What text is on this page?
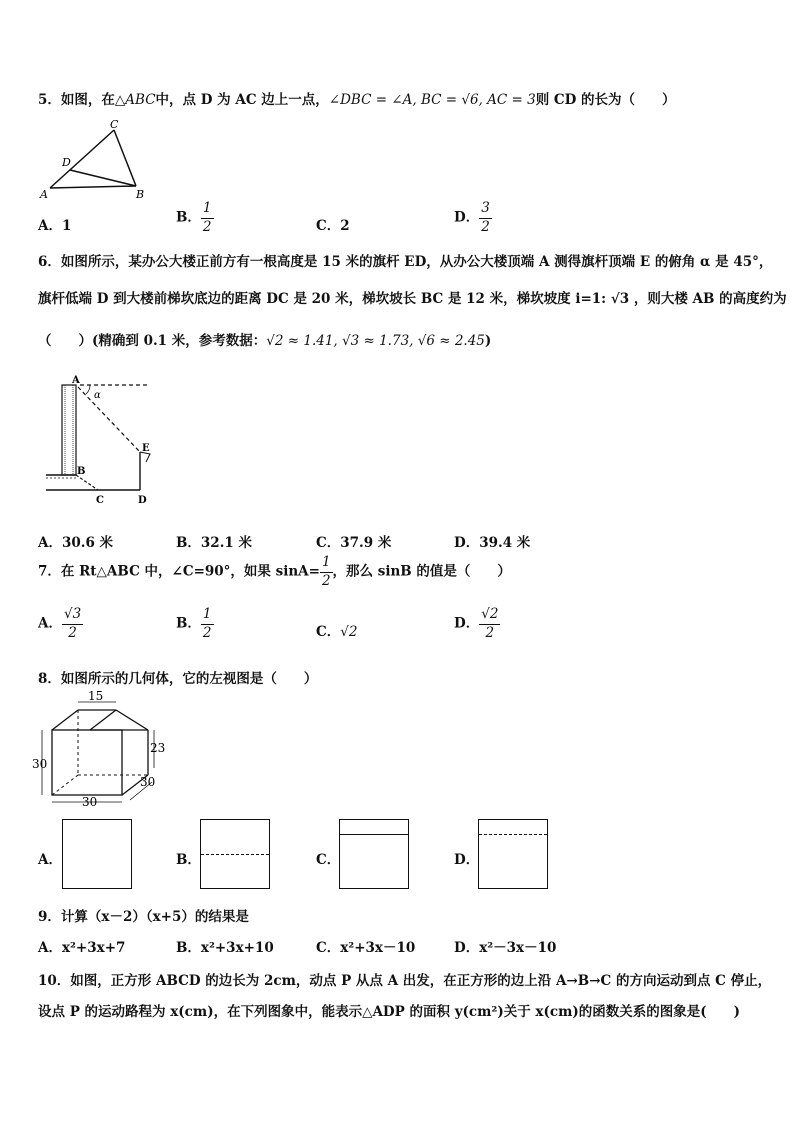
5．如图，在△ABC中，点 D 为 AC 边上一点，∠DBC = ∠A, BC = √6, AC = 3则 CD 的长为（　　）
C
D
A	B
A．1
B． $\frac{1}{2}$	C．2
D． $\frac{3}{2}$
6．如图所示，某办公大楼正前方有一根高度是 15 米的旗杆 ED，从办公大楼顶端 A 测得旗杆顶端 E 的俯角 α 是 45°，
旗杆低端 D 到大楼前梯坎底边的距离 DC 是 20 米，梯坎坡长 BC 是 12 米，梯坎坡度 i=1: √3 ，则大楼 AB 的高度约为
（　　）(精确到 0.1 米，参考数据：√2 ≈ 1.41, √3 ≈ 1.73, √6 ≈ 2.45)
A
α
E
B
C	D
A．30.6 米	B．32.1 米	C．37.9 米	D．39.4 米
7．在 Rt△ABC 中，∠C=90°，如果 $\sin A= \frac{1}{2}$ ，那么 sinB 的值是（　　）
A． $\frac{√3}{2}$	B． $\frac{1}{2}$	C．√2
D． $\frac{√2}{2}$
8．如图所示的几何体，它的左视图是（　　）
15
30
23
30
30
A．	B．	C．	D．
9．计算（x－2）（x+5）的结果是
A．x²+3x+7	B．x²+3x+10	C．x²+3x－10	D．x²－3x－10
10．如图，正方形 ABCD 的边长为 2cm，动点 P 从点 A 出发，在正方形的边上沿 A→B→C 的方向运动到点 C 停止，
设点 P 的运动路程为 x(cm)，在下列图象中，能表示△ADP 的面积 y(cm²)关于 x(cm)的函数关系的图象是(　　)
